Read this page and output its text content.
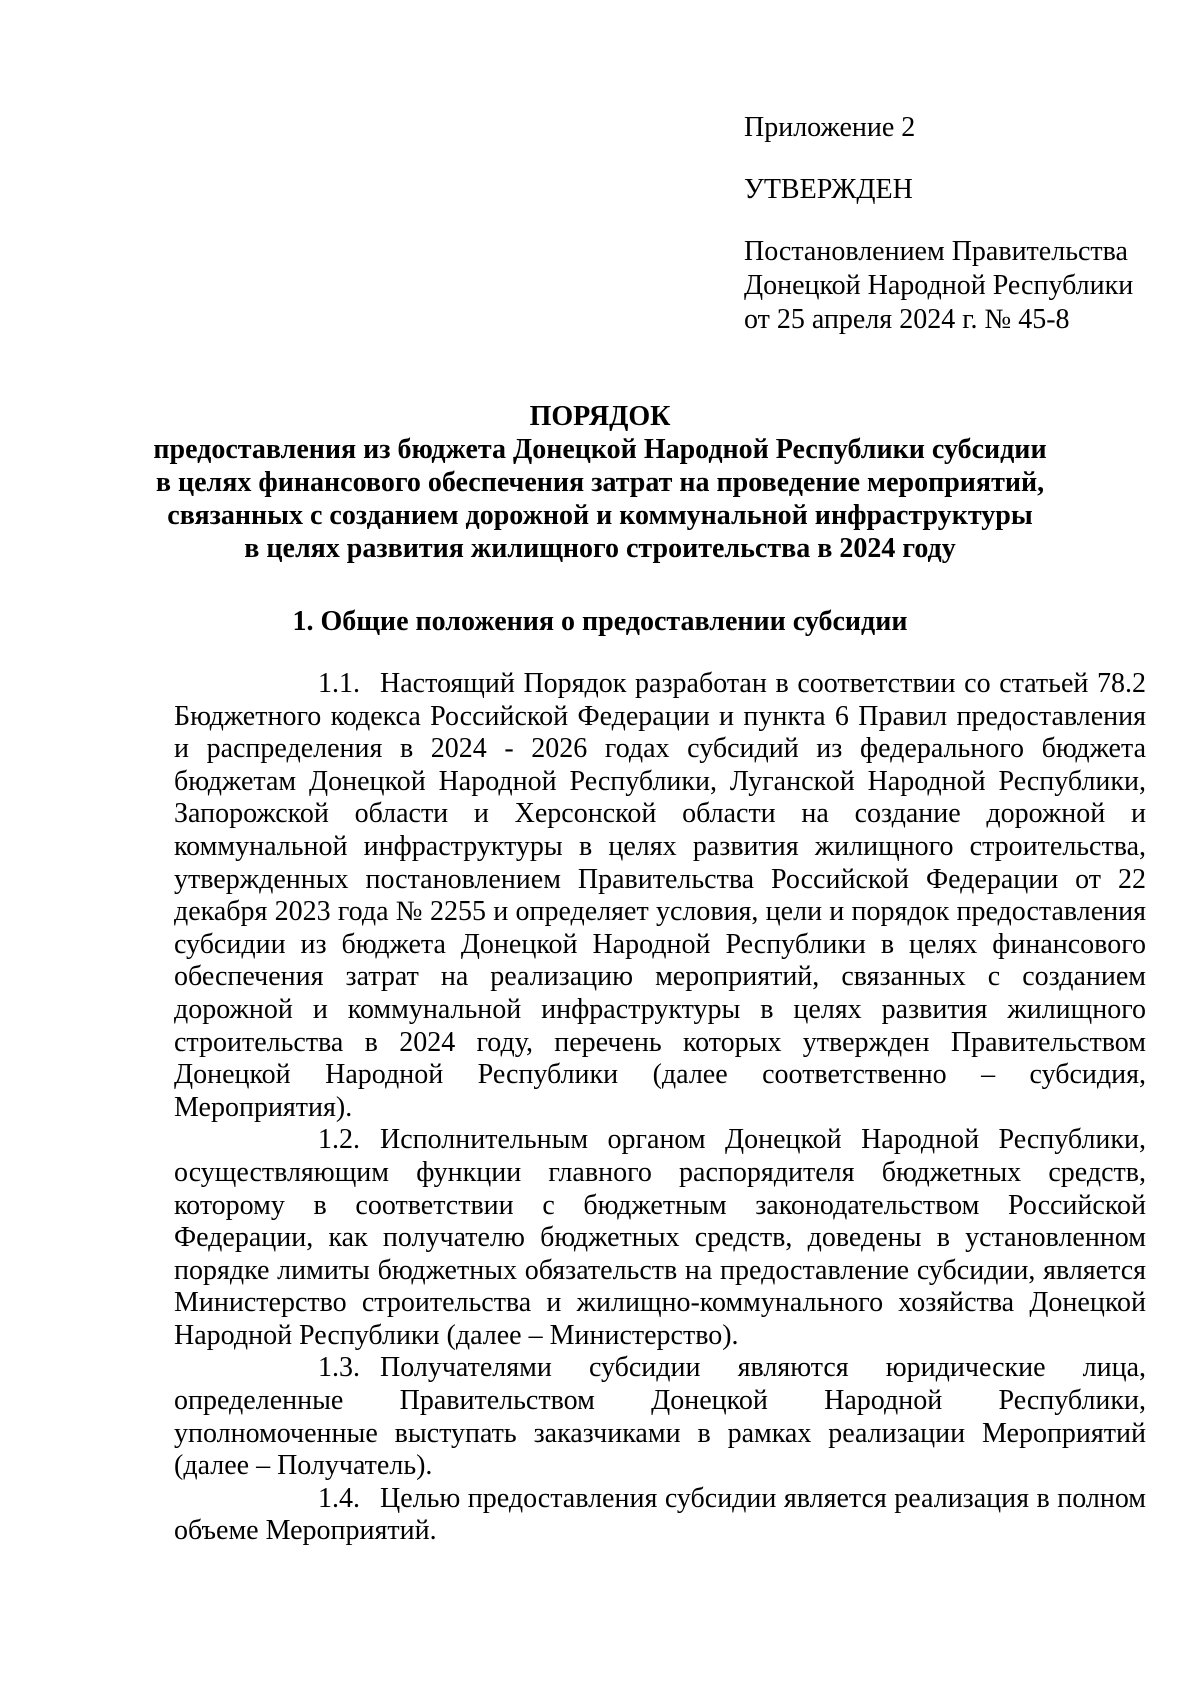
Приложение 2

УТВЕРЖДЕН

Постановлением Правительства
Донецкой Народной Республики
от 25 апреля 2024 г. № 45-8

ПОРЯДОК
предоставления из бюджета Донецкой Народной Республики субсидии
в целях финансового обеспечения затрат на проведение мероприятий,
связанных с созданием дорожной и коммунальной инфраструктуры
в целях развития жилищного строительства в 2024 году
1. Общие положения о предоставлении субсидии

1.1. Настоящий Порядок разработан в соответствии со статьей 78.2 Бюджетного кодекса Российской Федерации и пункта 6 Правил предоставления и распределения в 2024 - 2026 годах субсидий из федерального бюджета бюджетам Донецкой Народной Республики, Луганской Народной Республики, Запорожской области и Херсонской области на создание дорожной и коммунальной инфраструктуры в целях развития жилищного строительства, утвержденных постановлением Правительства Российской Федерации от 22 декабря 2023 года № 2255 и определяет условия, цели и порядок предоставления субсидии из бюджета Донецкой Народной Республики в целях финансового обеспечения затрат на реализацию мероприятий, связанных с созданием дорожной и коммунальной инфраструктуры в целях развития жилищного строительства в 2024 году, перечень которых утвержден Правительством Донецкой Народной Республики (далее соответственно – субсидия, Мероприятия).

1.2. Исполнительным органом Донецкой Народной Республики, осуществляющим функции главного распорядителя бюджетных средств, которому в соответствии с бюджетным законодательством Российской Федерации, как получателю бюджетных средств, доведены в установленном порядке лимиты бюджетных обязательств на предоставление субсидии, является Министерство строительства и жилищно-коммунального хозяйства Донецкой Народной Республики (далее – Министерство).

1.3. Получателями субсидии являются юридические лица, определенные Правительством Донецкой Народной Республики, уполномоченные выступать заказчиками в рамках реализации Мероприятий (далее – Получатель).

1.4. Целью предоставления субсидии является реализация в полном объеме Мероприятий.
